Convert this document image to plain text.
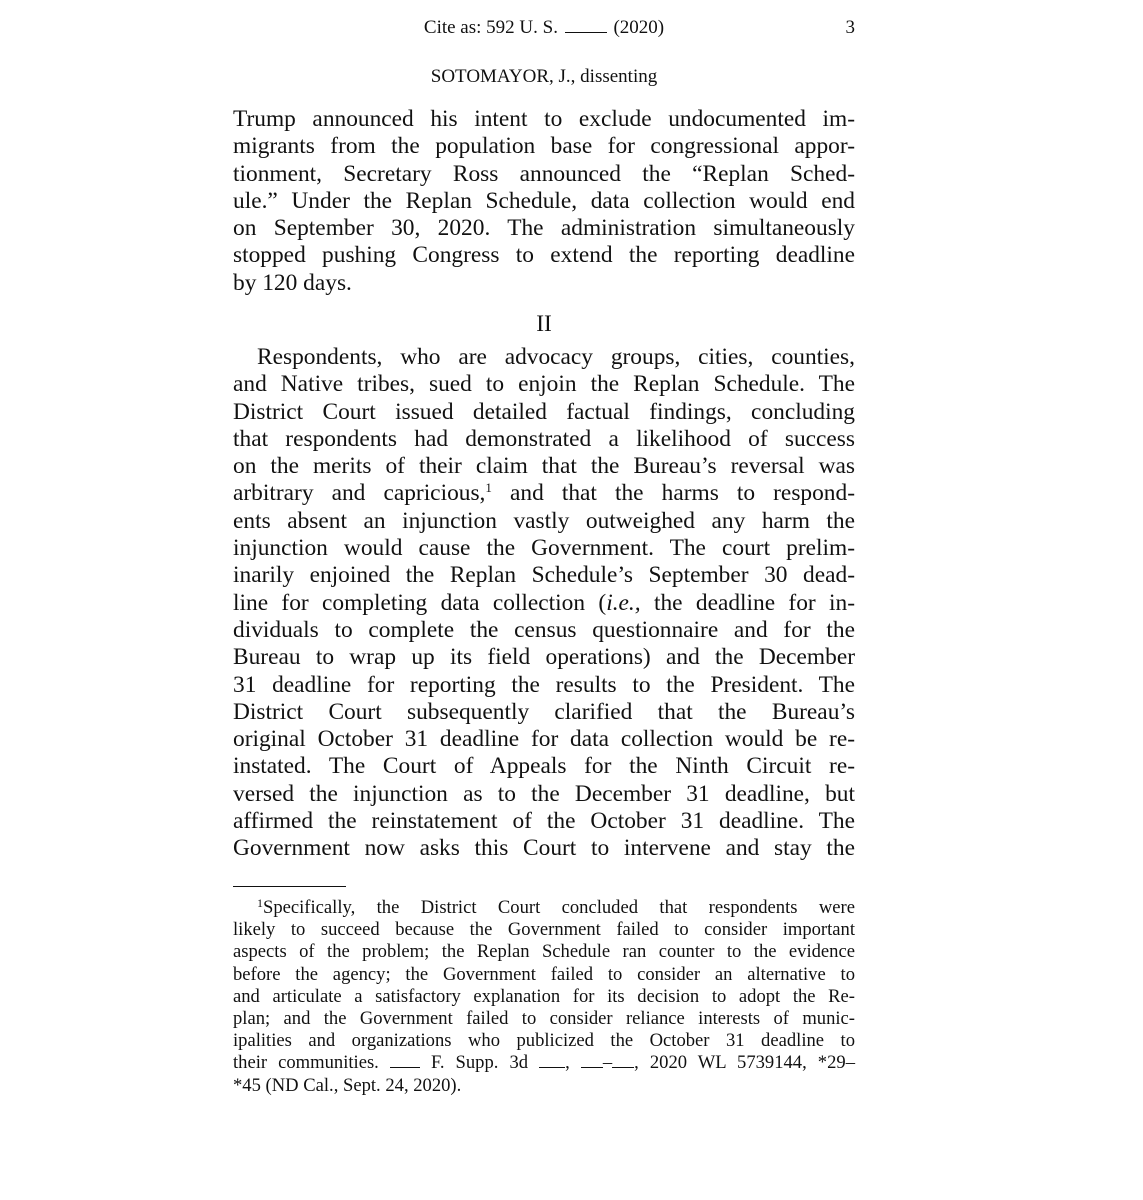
Cite as: 592 U. S.	(2020)	3
SOTOMAYOR, J., dissenting
Trump announced his intent to exclude undocumented im-
migrants from the population base for congressional appor-
tionment, Secretary Ross announced the “Replan Sched-
ule.” Under the Replan Schedule, data collection would end
on September 30, 2020. The administration simultaneously
stopped pushing Congress to extend the reporting deadline
by 120 days.
II
Respondents, who are advocacy groups, cities, counties,
and Native tribes, sued to enjoin the Replan Schedule. The
District Court issued detailed factual findings, concluding
that respondents had demonstrated a likelihood of success
on the merits of their claim that the Bureau’s reversal was
arbitrary and capricious,$^1$ and that the harms to respond-
ents absent an injunction vastly outweighed any harm the
injunction would cause the Government. The court prelim-
inarily enjoined the Replan Schedule’s September 30 dead-
line for completing data collection (i.e., the deadline for in-
dividuals to complete the census questionnaire and for the
Bureau to wrap up its field operations) and the December
31 deadline for reporting the results to the President. The
District Court subsequently clarified that the Bureau’s
original October 31 deadline for data collection would be re-
instated. The Court of Appeals for the Ninth Circuit re-
versed the injunction as to the December 31 deadline, but
affirmed the reinstatement of the October 31 deadline. The
Government now asks this Court to intervene and stay the
$^1$Specifically, the District Court concluded that respondents were
likely to succeed because the Government failed to consider important
aspects of the problem; the Replan Schedule ran counter to the evidence
before the agency; the Government failed to consider an alternative to
and articulate a satisfactory explanation for its decision to adopt the Re-
plan; and the Government failed to consider reliance interests of munic-
ipalities and organizations who publicized the October 31 deadline to
their communities.	F. Supp. 3d , – , 2020 WL 5739144, *29–
*45 (ND Cal., Sept. 24, 2020).
